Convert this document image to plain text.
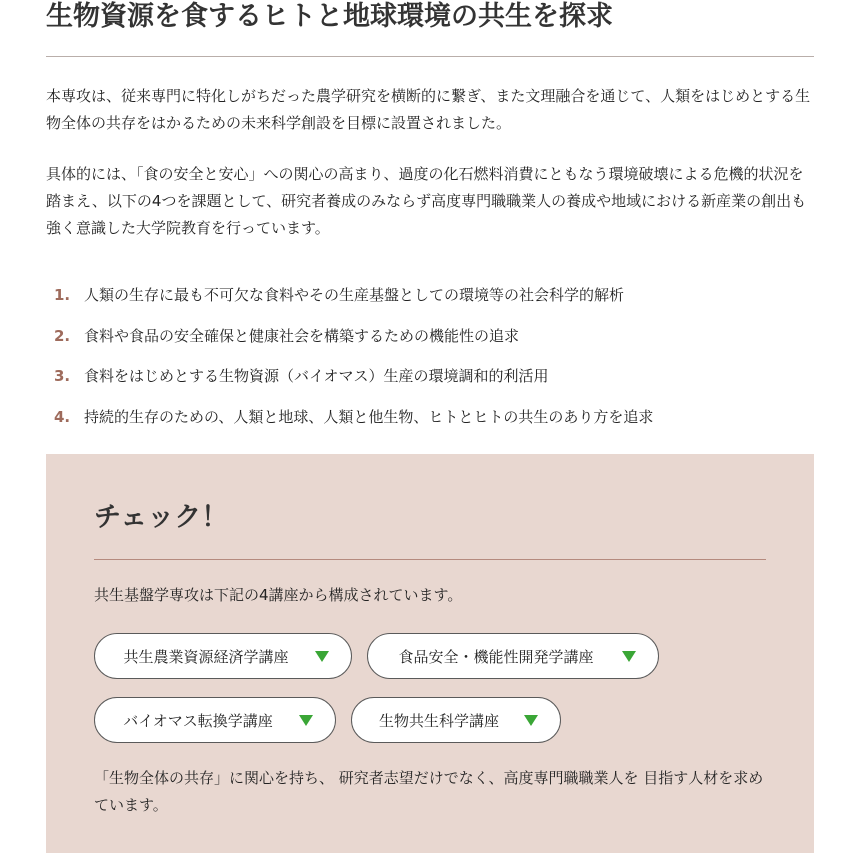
生物資源を食するヒトと地球環境の共生を探求

本専攻は、従来専門に特化しがちだった農学研究を横断的に繋ぎ、また文理融合を通じて、人類をはじめとする生物全体の共存をはかるための未来科学創設を目標に設置されました。

具体的には、「食の安全と安心」への関心の高まり、過度の化石燃料消費にともなう環境破壊による危機的状況を踏まえ、以下の4つを課題として、研究者養成のみならず高度専門職職業人の養成や地域における新産業の創出も強く意識した大学院教育を行っています。

1. 人類の生存に最も不可欠な食料やその生産基盤としての環境等の社会科学的解析
2. 食料や食品の安全確保と健康社会を構築するための機能性の追求
3. 食料をはじめとする生物資源（バイオマス）生産の環境調和的利活用
4. 持続的生存のための、人類と地球、人類と他生物、ヒトとヒトの共生のあり方を追求
チェック！

共生基盤学専攻は下記の4講座から構成されています。

共生農業資源経済学講座	食品安全・機能性開発学講座
バイオマス転換学講座	生物共生科学講座

「生物全体の共存」に関心を持ち、 研究者志望だけでなく、高度専門職職業人を 目指す人材を求めています。
